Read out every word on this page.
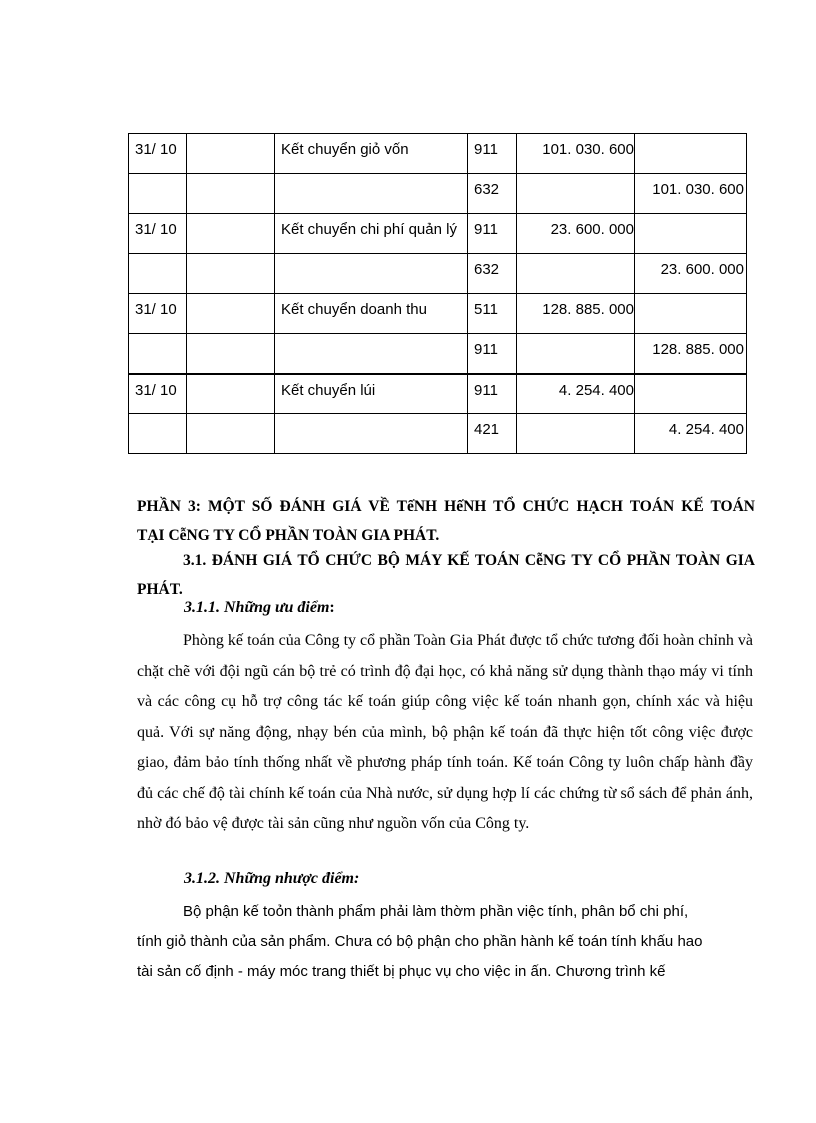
31/ 10		Kết chuyển giỏ vốn	911	101. 030. 600	
			632		101. 030. 600
31/ 10		Kết chuyển chi phí quản lý	911	23. 600. 000	
			632		23. 600. 000
31/ 10		Kết chuyển doanh thu	511	128. 885. 000	
			911		128. 885. 000
31/ 10		Kết chuyển lúi	911	4. 254. 400	
			421		4. 254. 400
PHẦN 3: MỘT SỐ ĐÁNH GIÁ VỀ TếNH HếNH TỔ CHỨC HẠCH TOÁN KẾ TOÁN
TẠI CễNG TY CỔ PHẦN TOÀN GIA PHÁT.
3.1. ĐÁNH GIÁ TỔ CHỨC BỘ MÁY KẾ TOÁN CễNG TY CỔ PHẦN TOÀN GIA
PHÁT.
3.1.1. Những ưu điểm:
Phòng kế toán của Công ty cổ phần Toàn Gia Phát được tổ chức tương đối hoàn chỉnh và chặt chẽ với đội ngũ cán bộ trẻ có trình độ đại học, có khả năng sử dụng thành thạo máy vi tính và các công cụ hỗ trợ công tác kế toán giúp công việc kế toán nhanh gọn, chính xác và hiệu quả. Với sự năng động, nhạy bén của mình, bộ phận kế toán đã thực hiện tốt công việc được giao, đảm bảo tính thống nhất về phương pháp tính toán. Kế toán Công ty luôn chấp hành đầy đủ các chế độ tài chính kế toán của Nhà nước, sử dụng hợp lí các chứng từ sổ sách để phản ánh, nhờ đó bảo vệ được tài sản cũng như nguồn vốn của Công ty.
3.1.2. Những nhược điểm:
Bộ phận kế toỏn thành phẩm phải làm thờm phần việc tính, phân bổ chi phí,
tính giỏ thành của sản phẩm. Chưa có bộ phận cho phần hành kế toán tính khấu hao
tài sản cố định - máy móc trang thiết bị phục vụ cho việc in ấn. Chương trình kế
